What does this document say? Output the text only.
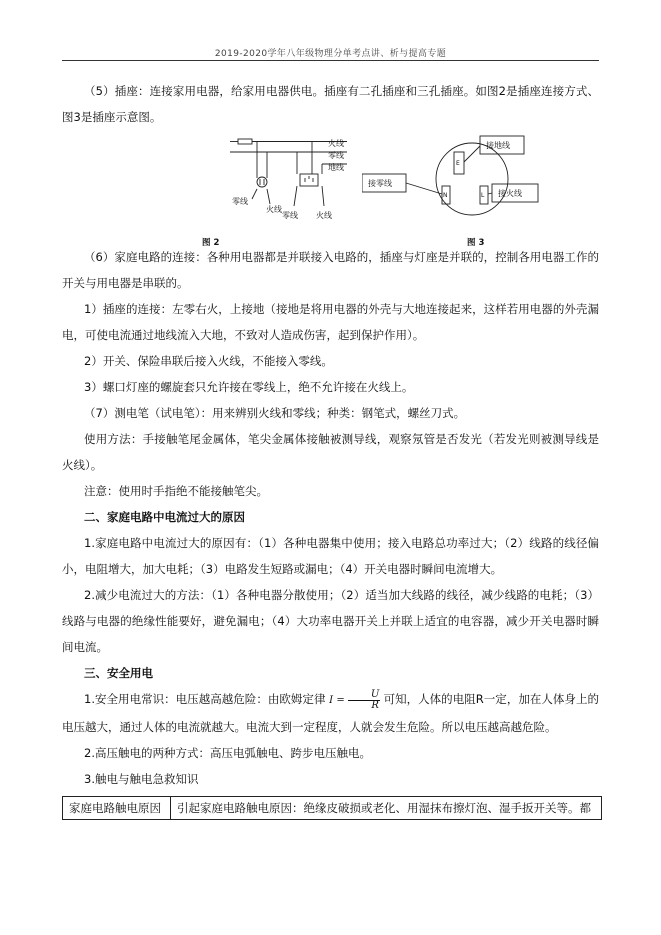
2019-2020学年八年级物理分单考点讲、析与提高专题

（5）插座：连接家用电器，给家用电器供电。插座有二孔插座和三孔插座。如图2是插座连接方式、图3是插座示意图。

火线
零线
地线
零线
火线
零线 火线
图 2
接地线
接零线
接火线
E
N	L
图 3

（6）家庭电路的连接：各种用电器都是并联接入电路的，插座与灯座是并联的，控制各用电器工作的开关与用电器是串联的。

1）插座的连接：左零右火，上接地（接地是将用电器的外壳与大地连接起来，这样若用电器的外壳漏电，可使电流通过地线流入大地，不致对人造成伤害，起到保护作用）。

2）开关、保险串联后接入火线，不能接入零线。

3）螺口灯座的螺旋套只允许接在零线上，绝不允许接在火线上。

（7）测电笔（试电笔）：用来辨别火线和零线；种类：钢笔式，螺丝刀式。

使用方法：手接触笔尾金属体，笔尖金属体接触被测导线，观察氖管是否发光（若发光则被测导线是火线）。

注意：使用时手指绝不能接触笔尖。

二、家庭电路中电流过大的原因

1.家庭电路中电流过大的原因有：（1）各种电器集中使用；接入电路总功率过大；（2）线路的线径偏小，电阻增大，加大电耗；（3）电路发生短路或漏电；（4）开关电器时瞬间电流增大。

2.减少电流过大的方法：（1）各种电器分散使用；（2）适当加大线路的线径，减少线路的电耗；（3）线路与电器的绝缘性能要好，避免漏电；（4）大功率电器开关上并联上适宜的电容器，减少开关电器时瞬间电流。

三、安全用电

1.安全用电常识：电压越高越危险：由欧姆定律 $I = \frac{U}{R}$ 可知，人体的电阻R一定，加在人体身上的电压越大，通过人体的电流就越大。电流大到一定程度，人就会发生危险。所以电压越高越危险。

2.高压触电的两种方式：高压电弧触电、跨步电压触电。

3.触电与触电急救知识

家庭电路触电原因	引起家庭电路触电原因：绝缘皮破损或老化、用湿抹布擦灯泡、湿手扳开关等。都
